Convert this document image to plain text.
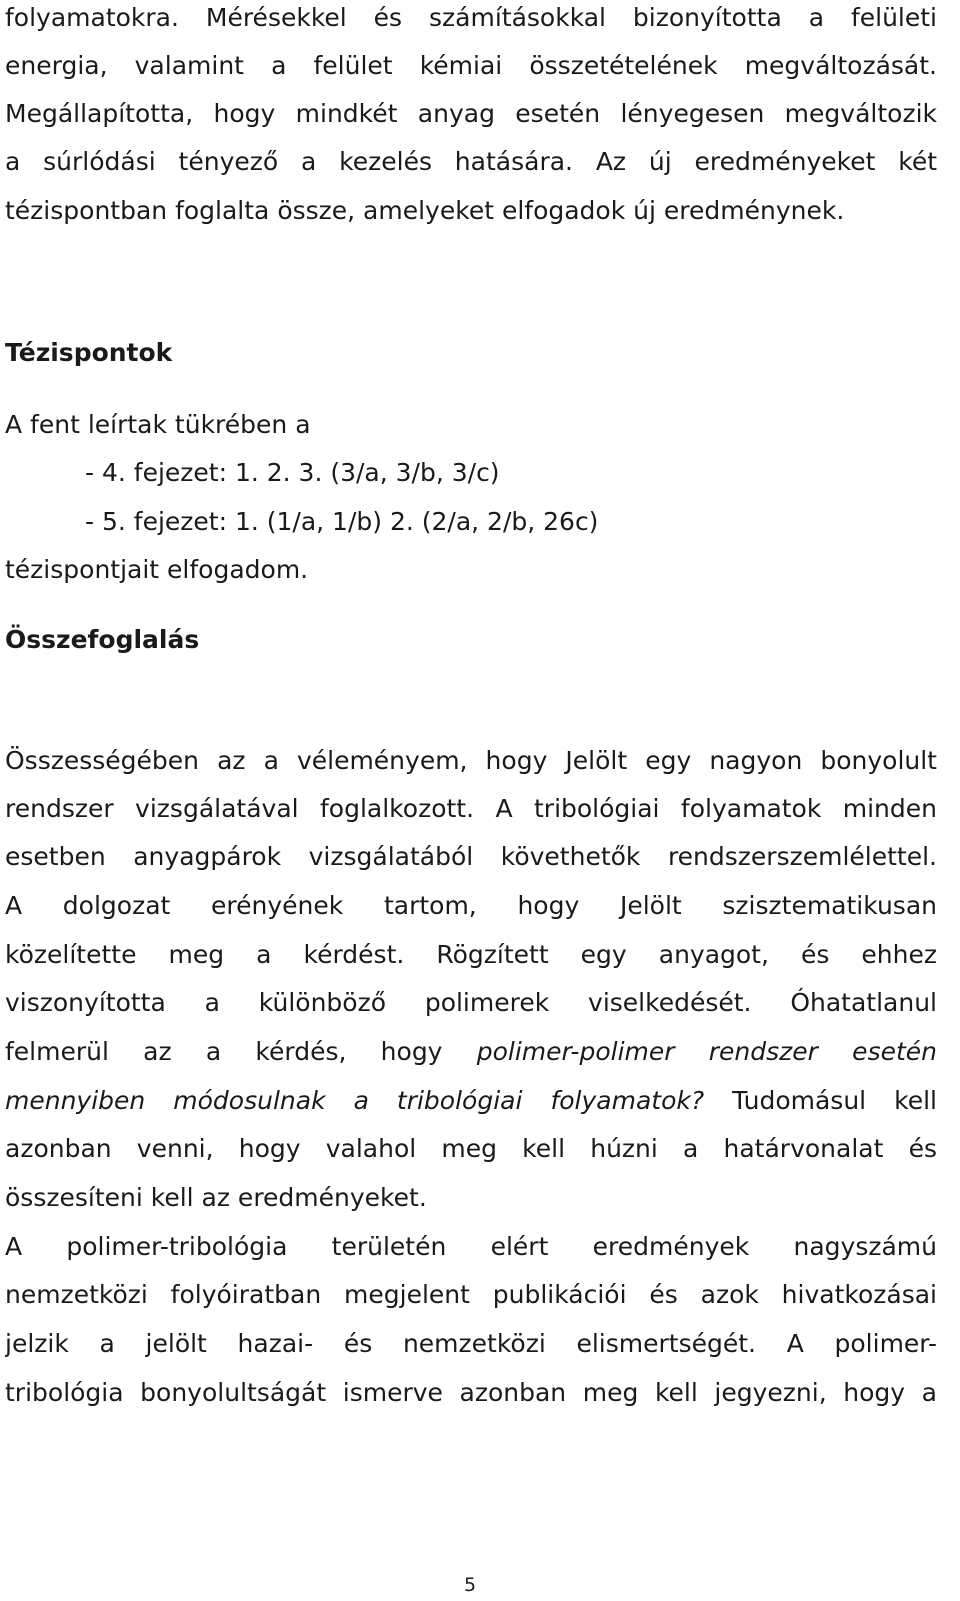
folyamatokra. Mérésekkel és számításokkal bizonyította a felületi
energia, valamint a felület kémiai összetételének megváltozását.
Megállapította, hogy mindkét anyag esetén lényegesen megváltozik
a súrlódási tényező a kezelés hatására. Az új eredményeket két
tézispontban foglalta össze, amelyeket elfogadok új eredménynek.
Tézispontok
A fent leírtak tükrében a
- 4. fejezet: 1. 2. 3. (3/a, 3/b, 3/c)
- 5. fejezet: 1. (1/a, 1/b) 2. (2/a, 2/b, 26c)
tézispontjait elfogadom.
Összefoglalás
Összességében az a véleményem, hogy Jelölt egy nagyon bonyolult
rendszer vizsgálatával foglalkozott. A tribológiai folyamatok minden
esetben anyagpárok vizsgálatából követhetők rendszerszemlélettel.
A dolgozat erényének tartom, hogy Jelölt szisztematikusan
közelítette meg a kérdést. Rögzített egy anyagot, és ehhez
viszonyította a különböző polimerek viselkedését. Óhatatlanul
felmerül az a kérdés, hogy polimer-polimer rendszer esetén
mennyiben módosulnak a tribológiai folyamatok? Tudomásul kell
azonban venni, hogy valahol meg kell húzni a határvonalat és
összesíteni kell az eredményeket.
A polimer-tribológia területén elért eredmények nagyszámú
nemzetközi folyóiratban megjelent publikációi és azok hivatkozásai
jelzik a jelölt hazai- és nemzetközi elismertségét. A polimer-
tribológia bonyolultságát ismerve azonban meg kell jegyezni, hogy a
5
